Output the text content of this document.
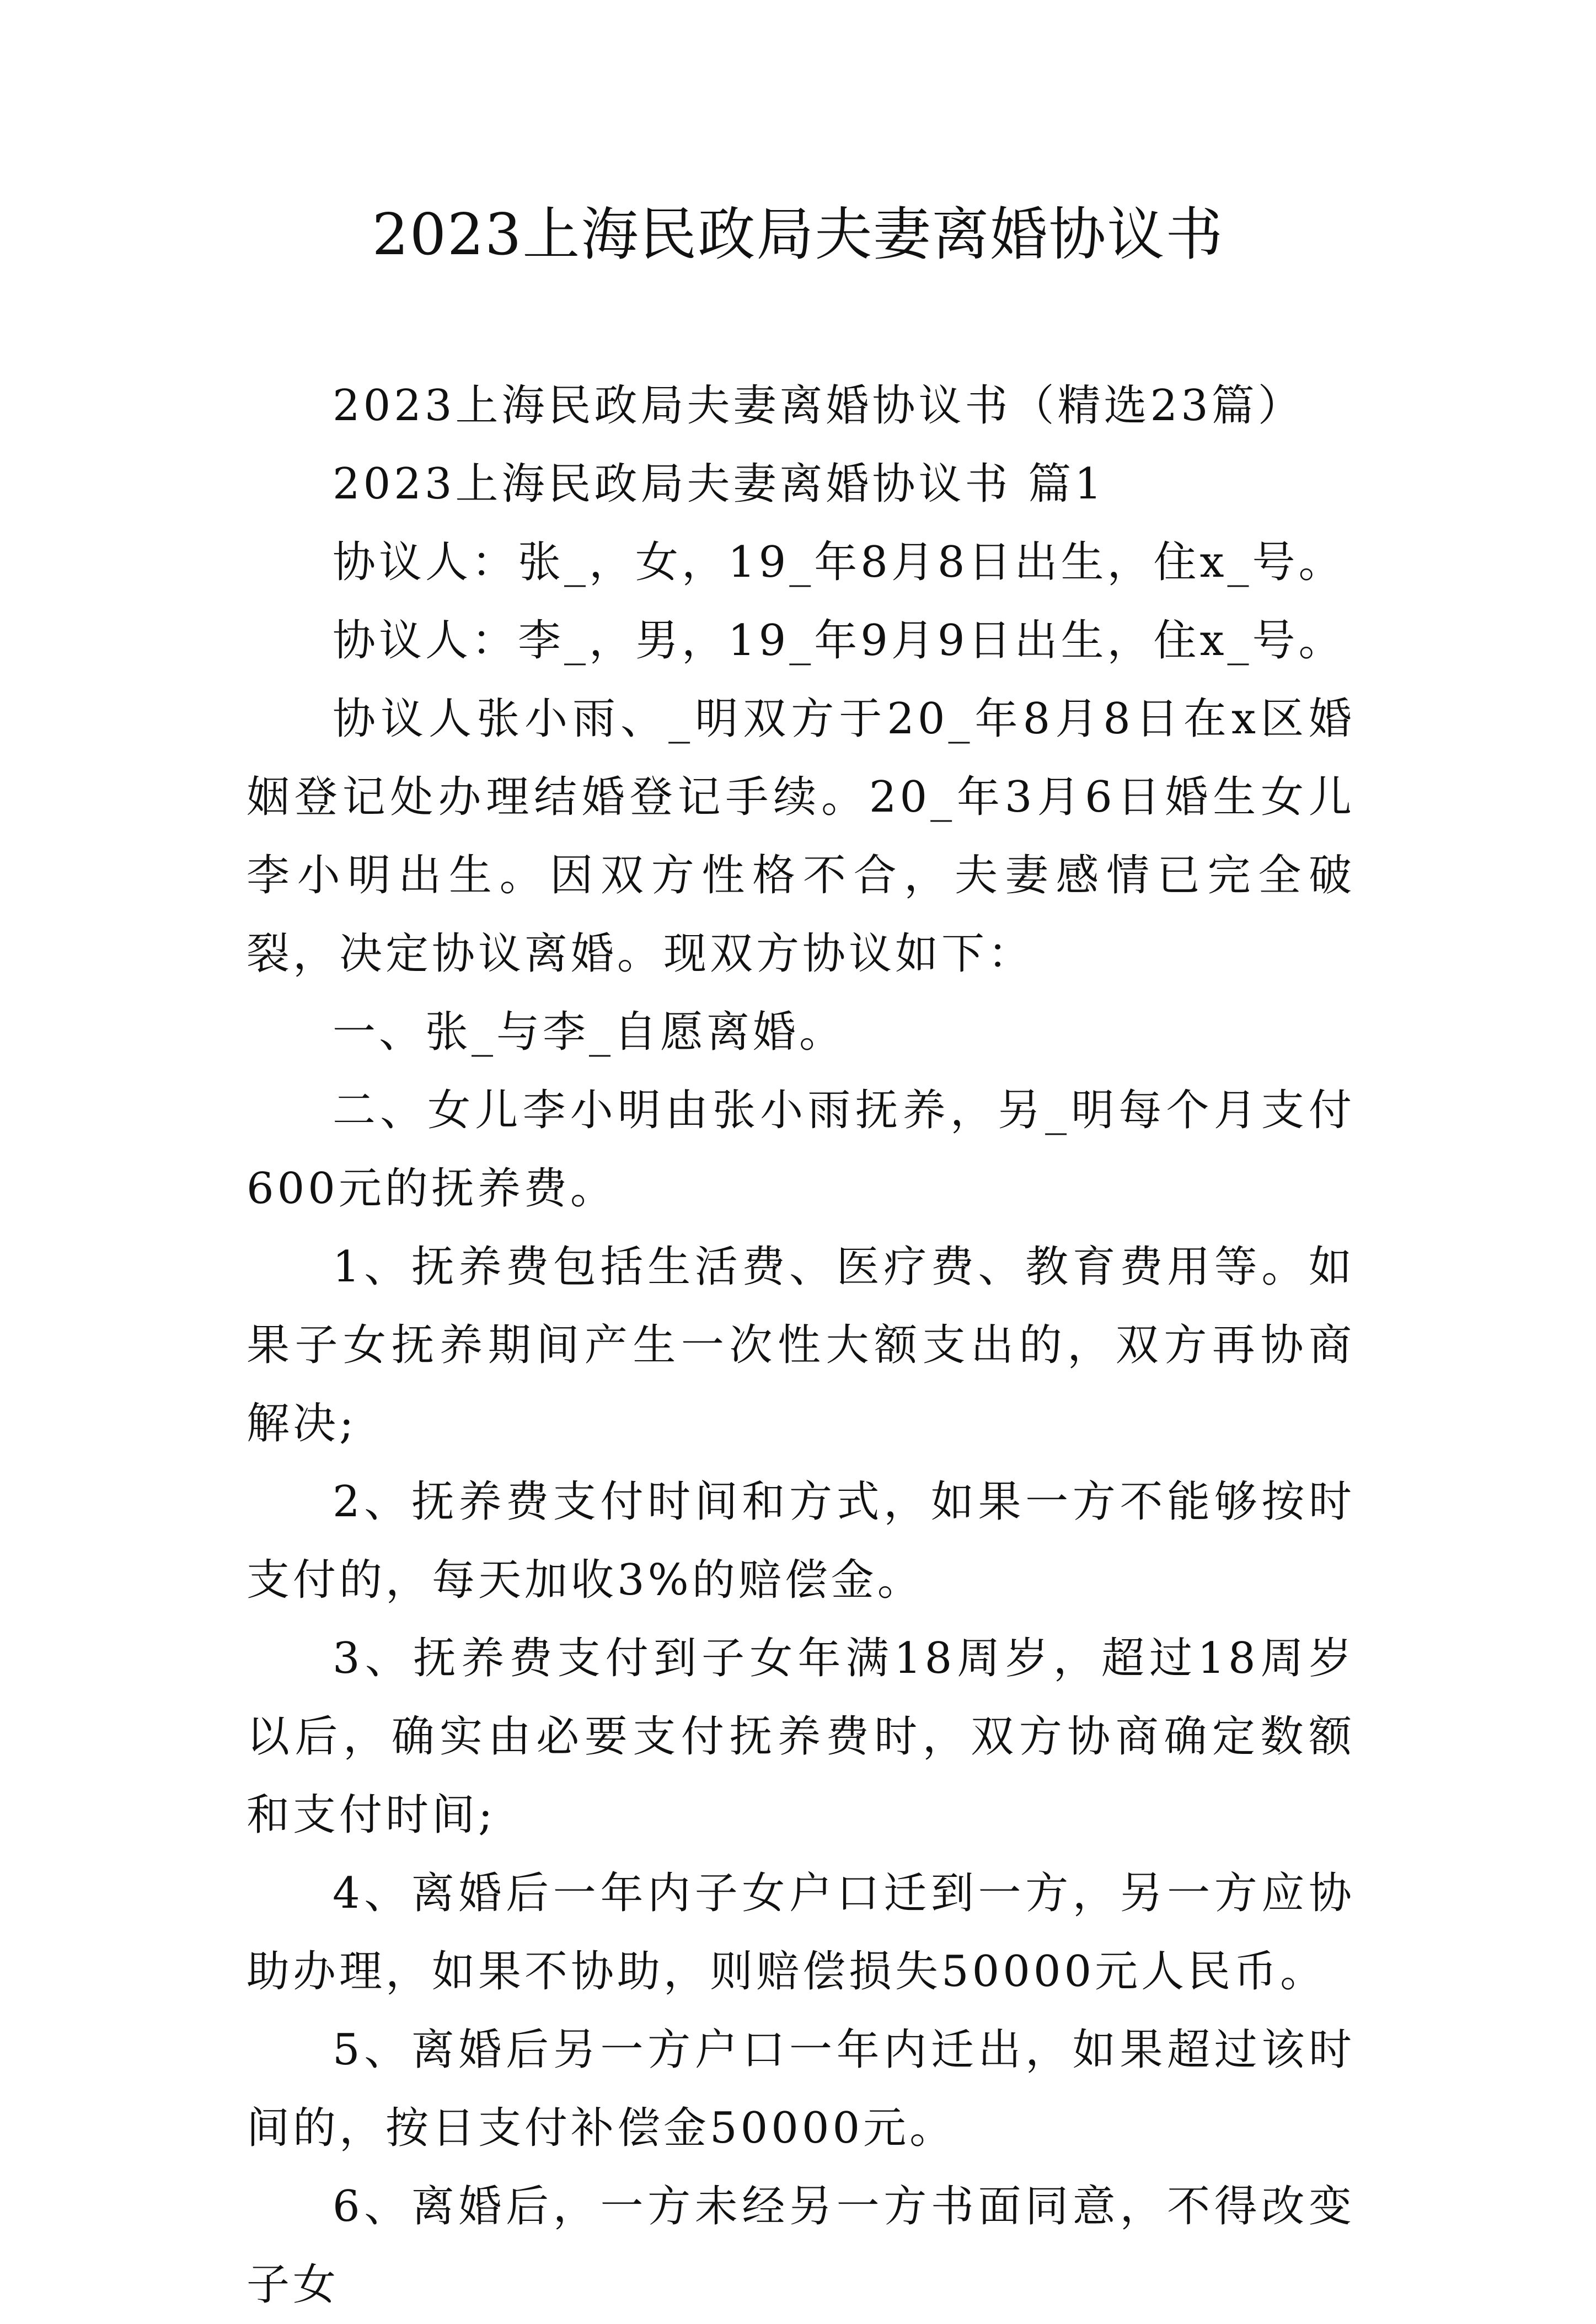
2023上海民政局夫妻离婚协议书

2023上海民政局夫妻离婚协议书（精选23篇）

2023上海民政局夫妻离婚协议书 篇1

协议人：张_，女，19_年8月8日出生，住x_号。

协议人：李_，男，19_年9月9日出生，住x_号。

协议人张小雨、_明双方于20_年8月8日在x区婚姻登记处办理结婚登记手续。20_年3月6日婚生女儿李小明出生。因双方性格不合，夫妻感情已完全破裂，决定协议离婚。现双方协议如下：

一、张_与李_自愿离婚。

二、女儿李小明由张小雨抚养，另_明每个月支付600元的抚养费。

1、抚养费包括生活费、医疗费、教育费用等。如果子女抚养期间产生一次性大额支出的，双方再协商解决;

2、抚养费支付时间和方式，如果一方不能够按时支付的，每天加收3%的赔偿金。

3、抚养费支付到子女年满18周岁，超过18周岁以后，确实由必要支付抚养费时，双方协商确定数额和支付时间;

4、离婚后一年内子女户口迁到一方，另一方应协助办理，如果不协助，则赔偿损失50000元人民币。

5、离婚后另一方户口一年内迁出，如果超过该时间的，按日支付补偿金50000元。

6、离婚后，一方未经另一方书面同意，不得改变子女
